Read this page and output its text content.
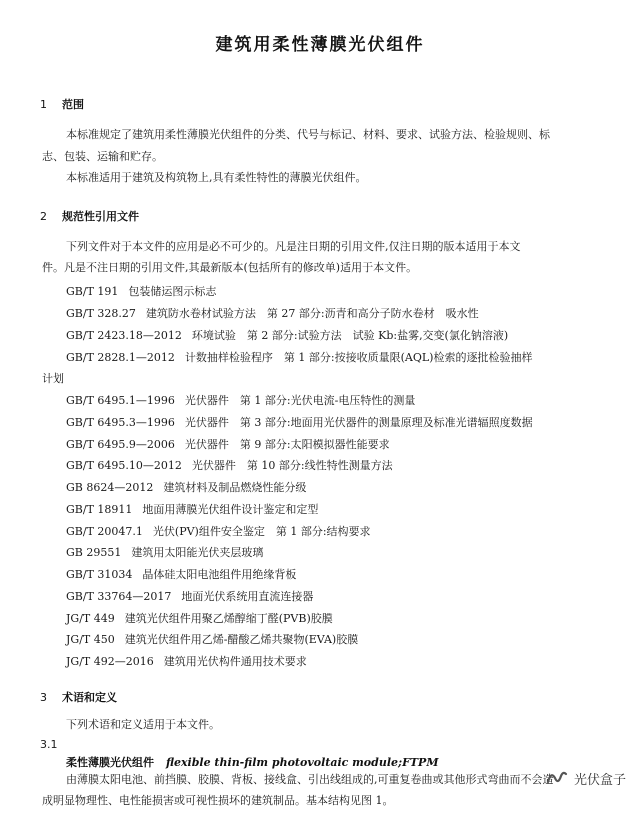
建筑用柔性薄膜光伏组件
1 范围
本标准规定了建筑用柔性薄膜光伏组件的分类、代号与标记、材料、要求、试验方法、检验规则、标
志、包装、运输和贮存。
本标准适用于建筑及构筑物上,具有柔性特性的薄膜光伏组件。
2 规范性引用文件
下列文件对于本文件的应用是必不可少的。凡是注日期的引用文件,仅注日期的版本适用于本文
件。凡是不注日期的引用文件,其最新版本(包括所有的修改单)适用于本文件。
GB/T 191 包装储运图示标志
GB/T 328.27 建筑防水卷材试验方法　第 27 部分:沥青和高分子防水卷材　吸水性
GB/T 2423.18—2012 环境试验　第 2 部分:试验方法　试验 Kb:盐雾,交变(氯化钠溶液)
GB/T 2828.1—2012 计数抽样检验程序　第 1 部分:按接收质量限(AQL)检索的逐批检验抽样
计划
GB/T 6495.1—1996 光伏器件　第 1 部分:光伏电流-电压特性的测量
GB/T 6495.3—1996 光伏器件　第 3 部分:地面用光伏器件的测量原理及标准光谱辐照度数据
GB/T 6495.9—2006 光伏器件　第 9 部分:太阳模拟器性能要求
GB/T 6495.10—2012 光伏器件　第 10 部分:线性特性测量方法
GB 8624—2012 建筑材料及制品燃烧性能分级
GB/T 18911 地面用薄膜光伏组件设计鉴定和定型
GB/T 20047.1 光伏(PV)组件安全鉴定　第 1 部分:结构要求
GB 29551 建筑用太阳能光伏夹层玻璃
GB/T 31034 晶体硅太阳电池组件用绝缘背板
GB/T 33764—2017 地面光伏系统用直流连接器
JG/T 449 建筑光伏组件用聚乙烯醇缩丁醛(PVB)胶膜
JG/T 450 建筑光伏组件用乙烯-醋酸乙烯共聚物(EVA)胶膜
JG/T 492—2016 建筑用光伏构件通用技术要求
3 术语和定义
下列术语和定义适用于本文件。
3.1
柔性薄膜光伏组件 flexible thin-film photovoltaic module;FTPM
由薄膜太阳电池、前挡膜、胶膜、背板、接线盒、引出线组成的,可重复卷曲或其他形式弯曲而不会造
成明显物理性、电性能损害或可视性损坏的建筑制品。基本结构见图 1。
光伏盒子
